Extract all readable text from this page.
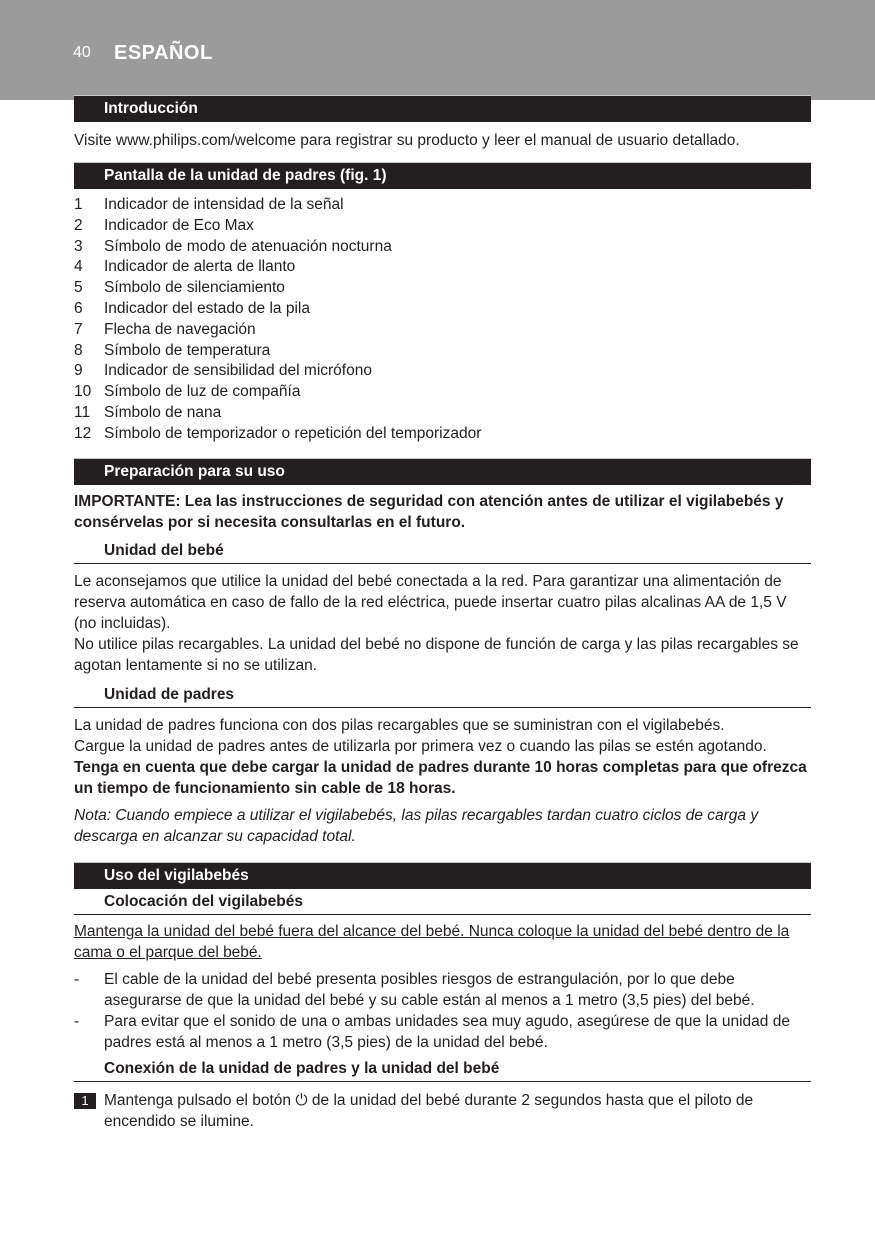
40 ESPAÑOL
Introducción

Visite www.philips.com/welcome para registrar su producto y leer el manual de usuario detallado.

Pantalla de la unidad de padres (fig. 1)
1 Indicador de intensidad de la señal
2 Indicador de Eco Max
3 Símbolo de modo de atenuación nocturna
4 Indicador de alerta de llanto
5 Símbolo de silenciamiento
6 Indicador del estado de la pila
7 Flecha de navegación
8 Símbolo de temperatura
9 Indicador de sensibilidad del micrófono
10 Símbolo de luz de compañía
11 Símbolo de nana
12 Símbolo de temporizador o repetición del temporizador
Preparación para su uso

IMPORTANTE: Lea las instrucciones de seguridad con atención antes de utilizar el vigilabebés y consérvelas por si necesita consultarlas en el futuro.

Unidad del bebé

Le aconsejamos que utilice la unidad del bebé conectada a la red. Para garantizar una alimentación de reserva automática en caso de fallo de la red eléctrica, puede insertar cuatro pilas alcalinas AA de 1,5 V (no incluidas).

No utilice pilas recargables. La unidad del bebé no dispone de función de carga y las pilas recargables se agotan lentamente si no se utilizan.

Unidad de padres

La unidad de padres funciona con dos pilas recargables que se suministran con el vigilabebés.

Cargue la unidad de padres antes de utilizarla por primera vez o cuando las pilas se estén agotando.

Tenga en cuenta que debe cargar la unidad de padres durante 10 horas completas para que ofrezca un tiempo de funcionamiento sin cable de 18 horas.

Nota: Cuando empiece a utilizar el vigilabebés, las pilas recargables tardan cuatro ciclos de carga y descarga en alcanzar su capacidad total.

Uso del vigilabebés
Colocación del vigilabebés

Mantenga la unidad del bebé fuera del alcance del bebé. Nunca coloque la unidad del bebé dentro de la cama o el parque del bebé.

- El cable de la unidad del bebé presenta posibles riesgos de estrangulación, por lo que debe asegurarse de que la unidad del bebé y su cable están al menos a 1 metro (3,5 pies) del bebé.
- Para evitar que el sonido de una o ambas unidades sea muy agudo, asegúrese de que la unidad de padres está al menos a 1 metro (3,5 pies) de la unidad del bebé.
Conexión de la unidad de padres y la unidad del bebé
1 Mantenga pulsado el botón ⏻ de la unidad del bebé durante 2 segundos hasta que el piloto de encendido se ilumine.
